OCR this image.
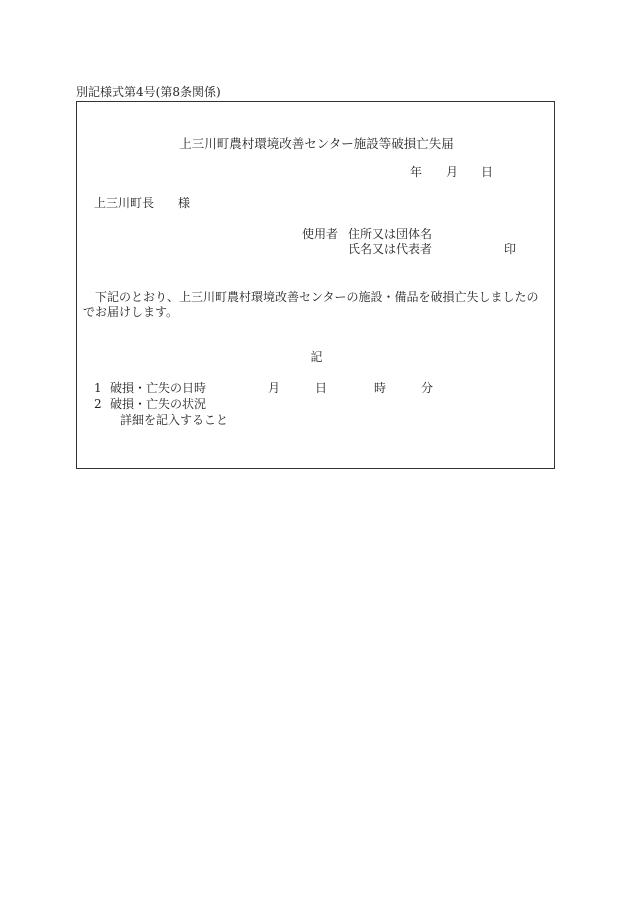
別記様式第4号(第8条関係)
上三川町農村環境改善センター施設等破損亡失届
年 月 日
上三川町長 様
使用者 住所又は団体名
氏名又は代表者	印
下記のとおり、上三川町農村環境改善センターの施設・備品を破損亡失しましたのでお届けします。
記
1 破損・亡失の日時	月	日	時	分
2 破損・亡失の状況
詳細を記入すること
